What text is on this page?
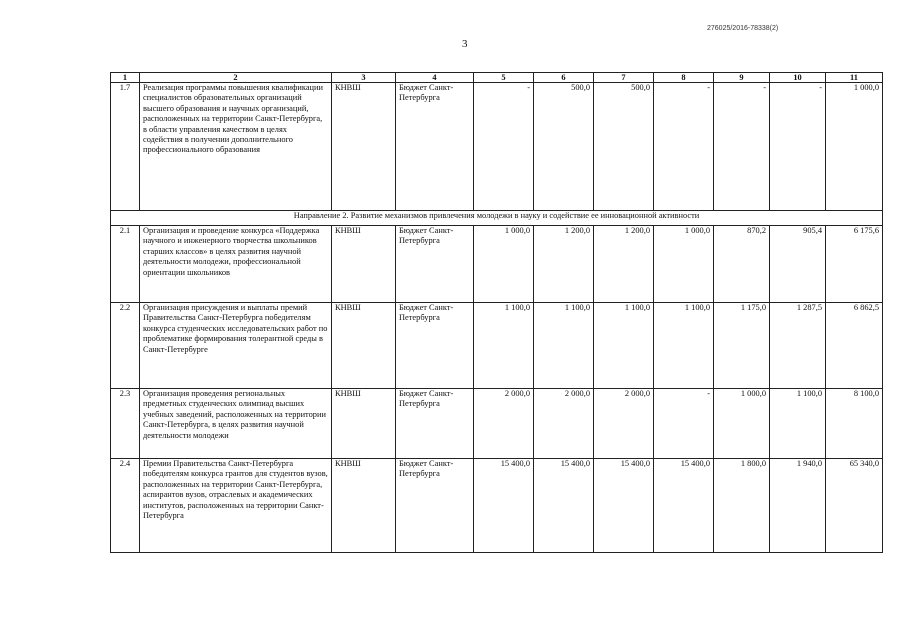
276025/2016-78338(2)
3
1	2	3	4	5	6	7	8	9	10	11
1.7	Реализация программы повышения квалификации специалистов образовательных организаций высшего образования и научных организаций, расположенных на территории Санкт-Петербурга, в области управления качеством в целях содействия в получении дополнительного профессионального образования	КНВШ	Бюджет Санкт-Петербурга	-	500,0	500,0	-	-	-	1 000,0
Направление 2. Развитие механизмов привлечения молодежи в науку и содействие ее инновационной активности										
2.1	Организация и проведение конкурса «Поддержка научного и инженерного творчества школьников старших классов» в целях развития научной деятельности молодежи, профессиональной ориентации школьников	КНВШ	Бюджет Санкт-Петербурга	1 000,0	1 200,0	1 200,0	1 000,0	870,2	905,4	6 175,6
2.2	Организация присуждения и выплаты премий Правительства Санкт-Петербурга победителям конкурса студенческих исследовательских работ по проблематике формирования толерантной среды в Санкт-Петербурге	КНВШ	Бюджет Санкт-Петербурга	1 100,0	1 100,0	1 100,0	1 100,0	1 175,0	1 287,5	6 862,5
2.3	Организация проведения региональных предметных студенческих олимпиад высших учебных заведений, расположенных на территории Санкт-Петербурга, в целях развития научной деятельности молодежи	КНВШ	Бюджет Санкт-Петербурга	2 000,0	2 000,0	2 000,0	-	1 000,0	1 100,0	8 100,0
2.4	Премии Правительства Санкт-Петербурга победителям конкурса грантов для студентов вузов, расположенных на территории Санкт-Петербурга, аспирантов вузов, отраслевых и академических институтов, расположенных на территории Санкт-Петербурга	КНВШ	Бюджет Санкт-Петербурга	15 400,0	15 400,0	15 400,0	15 400,0	1 800,0	1 940,0	65 340,0
